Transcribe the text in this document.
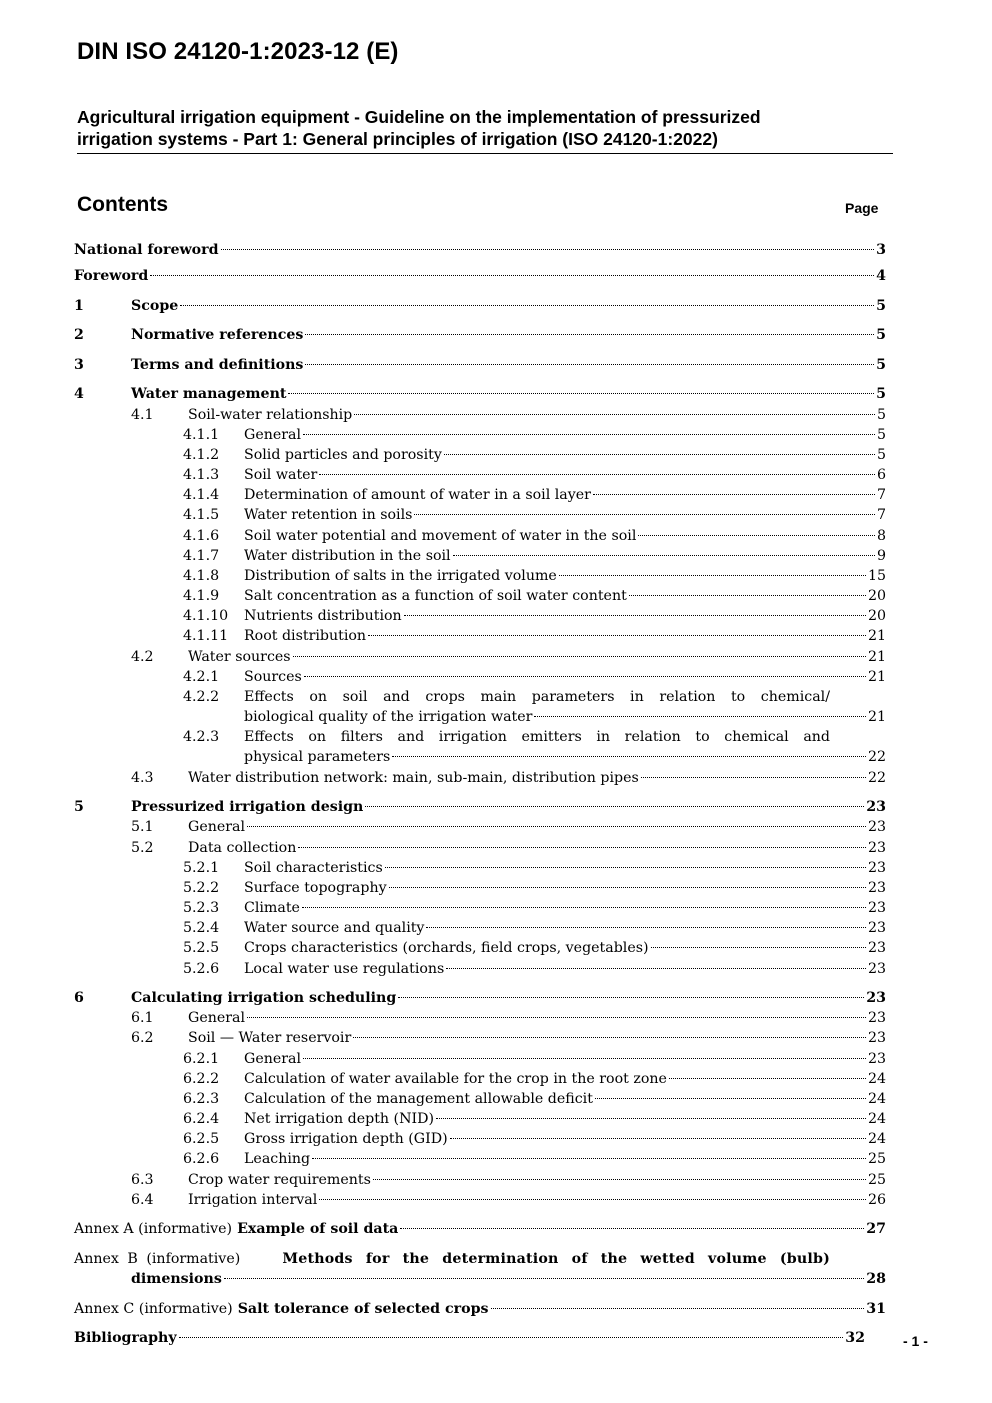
DIN ISO 24120-1:2023-12 (E)
Agricultural irrigation equipment - Guideline on the implementation of pressurized
irrigation systems - Part 1: General principles of irrigation (ISO 24120-1:2022)
Contents	Page
National foreword	3
Foreword	4
1	Scope	5
2	Normative references	5
3	Terms and definitions	5
4	Water management	5
4.1 Soil-water relationship	5
4.1.1 General	5
4.1.2 Solid particles and porosity	5
4.1.3 Soil water	6
4.1.4 Determination of amount of water in a soil layer	7
4.1.5 Water retention in soils	7
4.1.6 Soil water potential and movement of water in the soil	8
4.1.7 Water distribution in the soil	9
4.1.8 Distribution of salts in the irrigated volume	15
4.1.9 Salt concentration as a function of soil water content	20
4.1.10 Nutrients distribution	20
4.1.11 Root distribution	21
4.2 Water sources	21
4.2.1 Sources	21
4.2.2 Effects on soil and crops main parameters in relation to chemical/
biological quality of the irrigation water	21
4.2.3 Effects on filters and irrigation emitters in relation to chemical and
physical parameters	22
4.3 Water distribution network: main, sub-main, distribution pipes	22
5	Pressurized irrigation design	23
5.1 General	23
5.2 Data collection	23
5.2.1 Soil characteristics	23
5.2.2 Surface topography	23
5.2.3 Climate	23
5.2.4 Water source and quality	23
5.2.5 Crops characteristics (orchards, field crops, vegetables)	23
5.2.6 Local water use regulations	23
6	Calculating irrigation scheduling	23
6.1 General	23
6.2 Soil — Water reservoir	23
6.2.1 General	23
6.2.2 Calculation of water available for the crop in the root zone	24
6.2.3 Calculation of the management allowable deficit	24
6.2.4 Net irrigation depth (NID)	24
6.2.5 Gross irrigation depth (GID)	24
6.2.6 Leaching	25
6.3 Crop water requirements	25
6.4 Irrigation interval	26
Annex A (informative) Example of soil data	27
Annex B (informative)	Methods for the determination of the wetted volume (bulb)
dimensions	28
Annex C (informative) Salt tolerance of selected crops	31
Bibliography	32	- 1 -
